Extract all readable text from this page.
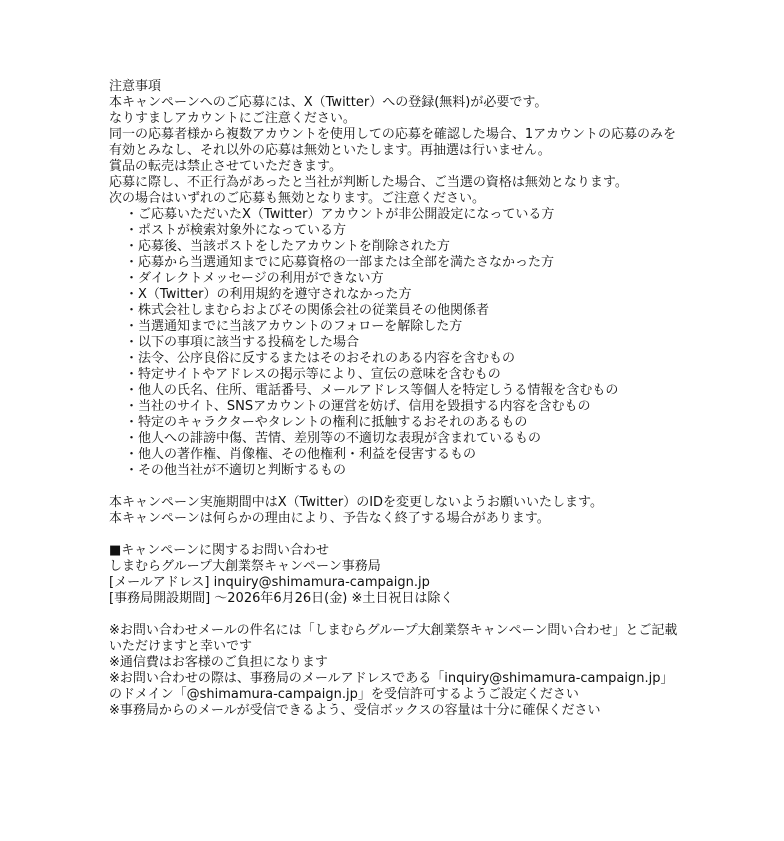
注意事項
本キャンペーンへのご応募には、X（Twitter）への登録(無料)が必要です。
なりすましアカウントにご注意ください。
同一の応募者様から複数アカウントを使用しての応募を確認した場合、1アカウントの応募のみを有効とみなし、それ以外の応募は無効といたします。再抽選は行いません。
賞品の転売は禁止させていただきます。
応募に際し、不正行為があったと当社が判断した場合、ご当選の資格は無効となります。
次の場合はいずれのご応募も無効となります。ご注意ください。
・ご応募いただいたX（Twitter）アカウントが非公開設定になっている方
・ポストが検索対象外になっている方
・応募後、当該ポストをしたアカウントを削除された方
・応募から当選通知までに応募資格の一部または全部を満たさなかった方
・ダイレクトメッセージの利用ができない方
・X（Twitter）の利用規約を遵守されなかった方
・株式会社しまむらおよびその関係会社の従業員その他関係者
・当選通知までに当該アカウントのフォローを解除した方
・以下の事項に該当する投稿をした場合
・法令、公序良俗に反するまたはそのおそれのある内容を含むもの
・特定サイトやアドレスの掲示等により、宣伝の意味を含むもの
・他人の氏名、住所、電話番号、メールアドレス等個人を特定しうる情報を含むもの
・当社のサイト、SNSアカウントの運営を妨げ、信用を毀損する内容を含むもの
・特定のキャラクターやタレントの権利に抵触するおそれのあるもの
・他人への誹謗中傷、苦情、差別等の不適切な表現が含まれているもの
・他人の著作権、肖像権、その他権利・利益を侵害するもの
・その他当社が不適切と判断するもの
本キャンペーン実施期間中はX（Twitter）のIDを変更しないようお願いいたします。
本キャンペーンは何らかの理由により、予告なく終了する場合があります。
■キャンペーンに関するお問い合わせ
しまむらグループ大創業祭キャンペーン事務局
[メールアドレス] inquiry@shimamura-campaign.jp
[事務局開設期間] ～2026年6月26日(金) ※土日祝日は除く
※お問い合わせメールの件名には「しまむらグループ大創業祭キャンペーン問い合わせ」とご記載いただけますと幸いです
※通信費はお客様のご負担になります
※お問い合わせの際は、事務局のメールアドレスである「inquiry@shimamura-campaign.jp」のドメイン「@shimamura-campaign.jp」を受信許可するようご設定ください
※事務局からのメールが受信できるよう、受信ボックスの容量は十分に確保ください
